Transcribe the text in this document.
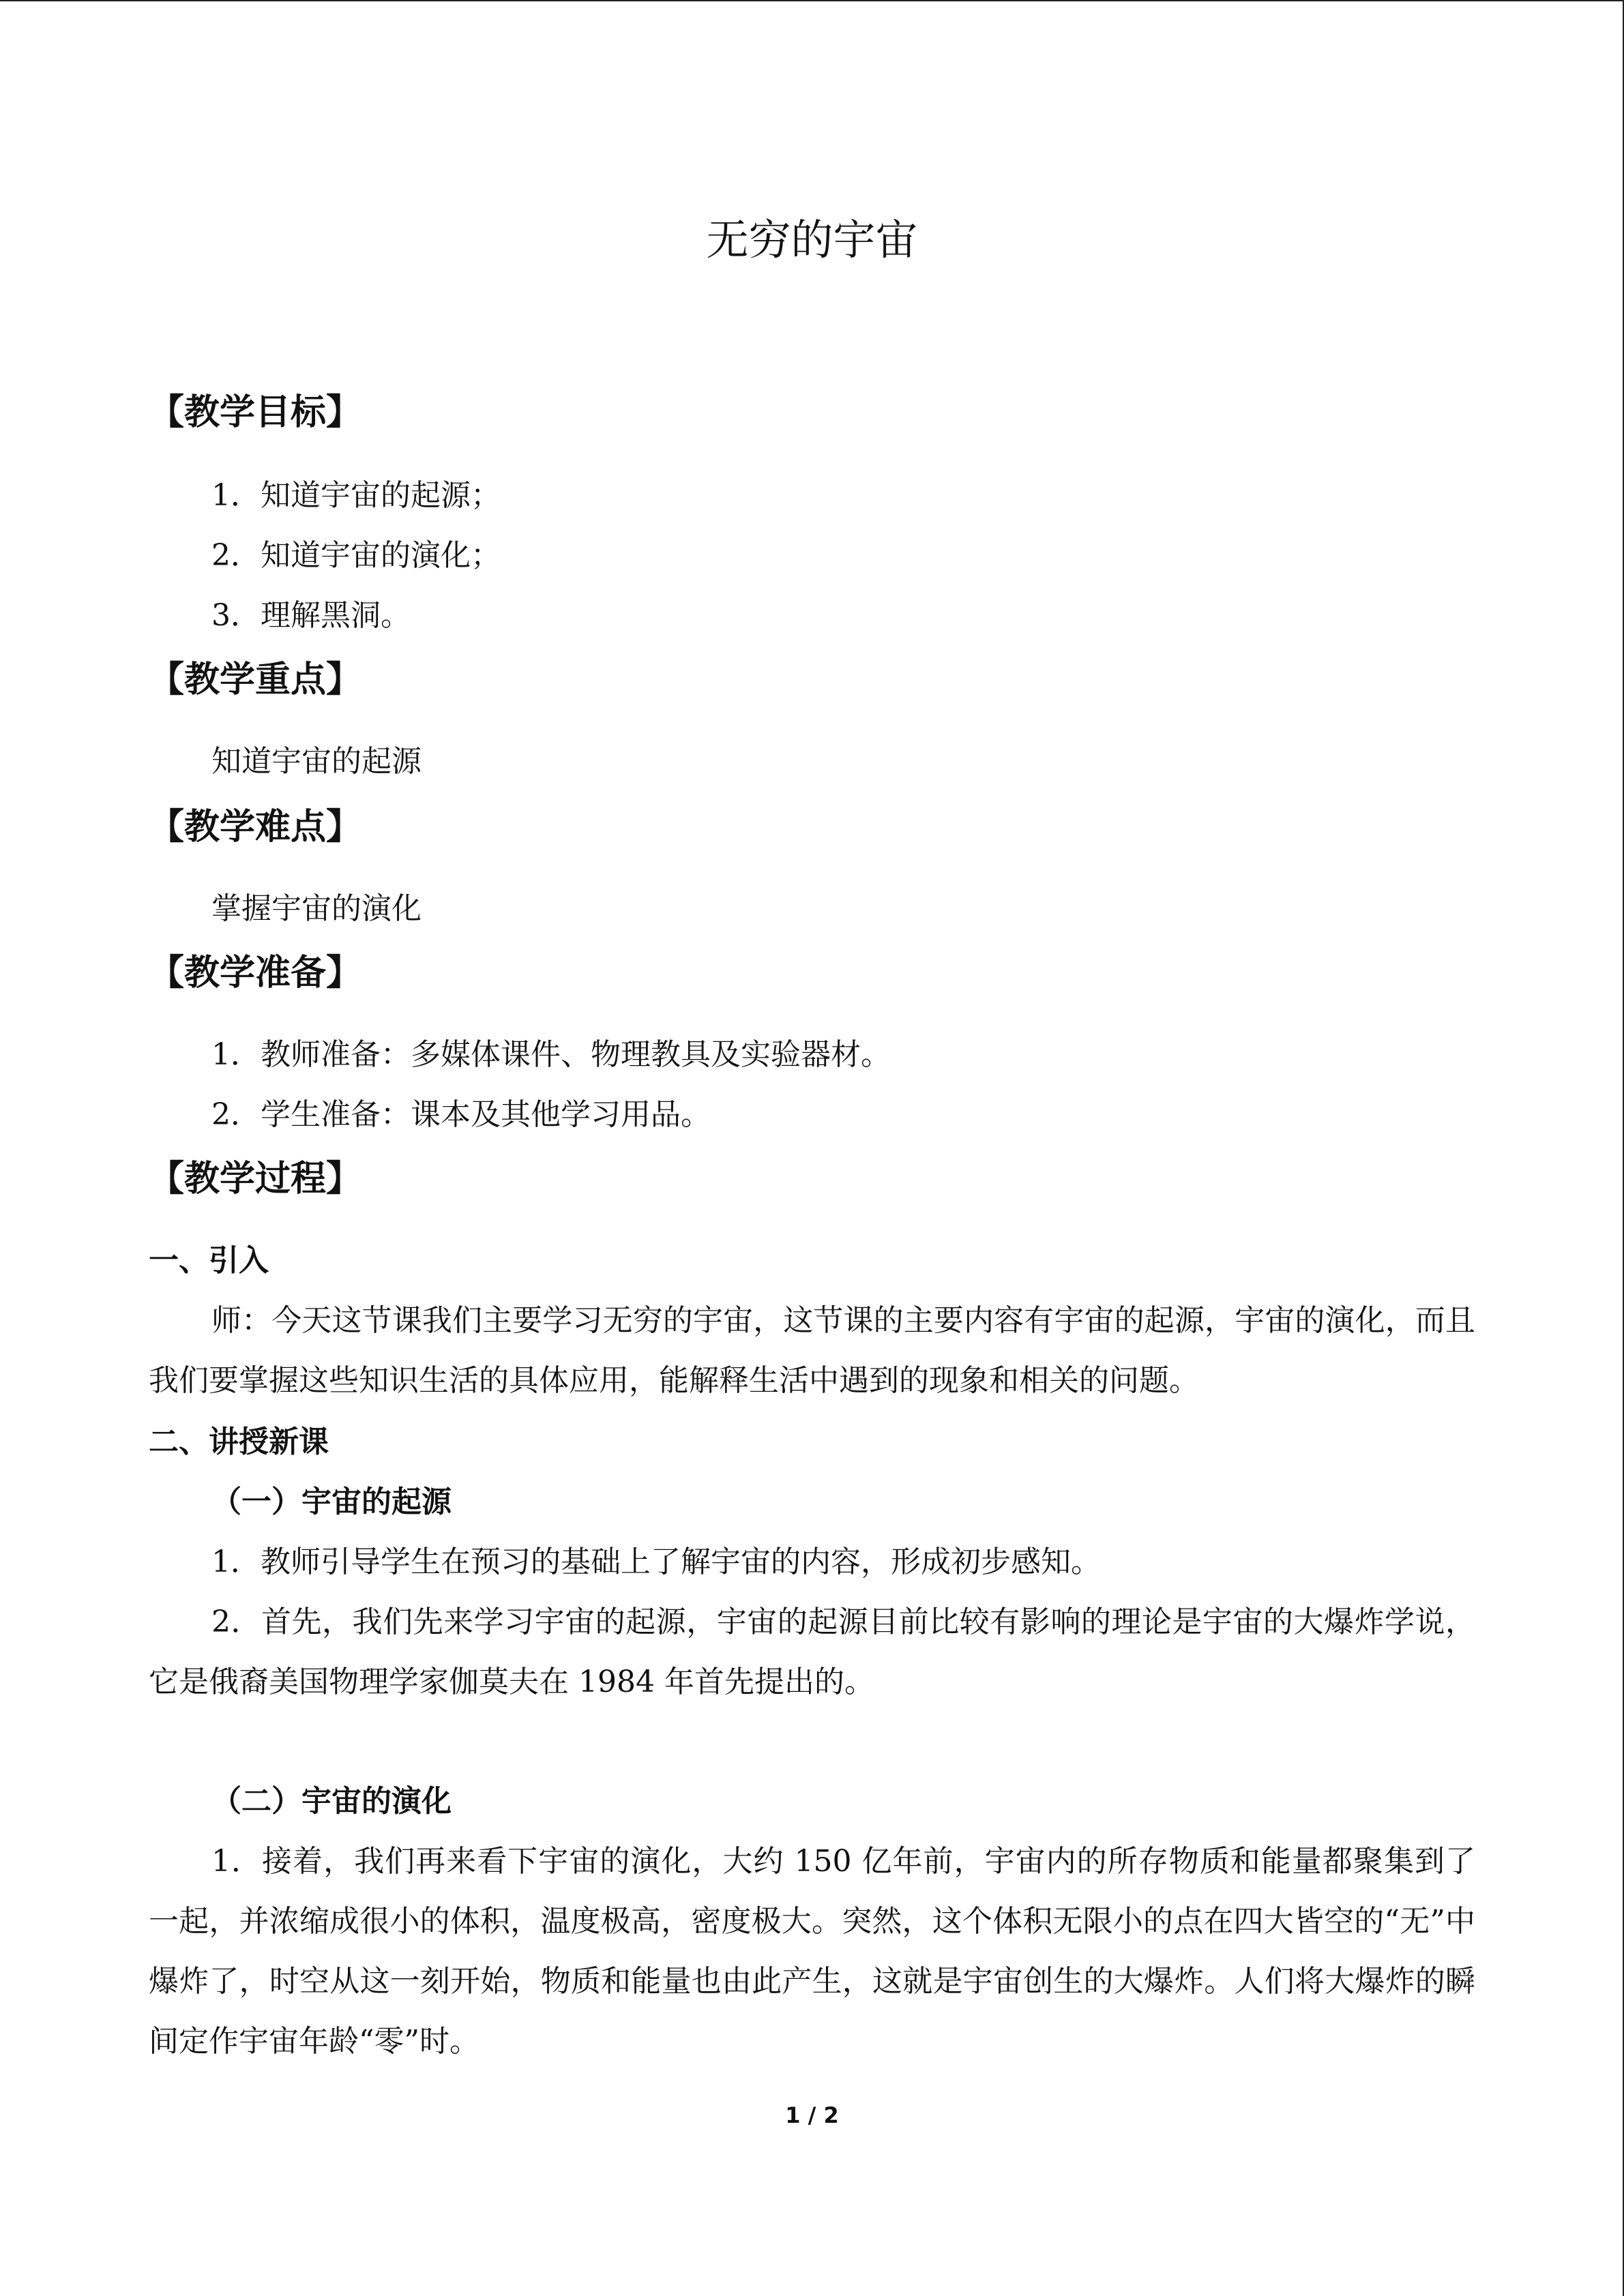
无穷的宇宙
【教学目标】
1．知道宇宙的起源；
2．知道宇宙的演化；
3．理解黑洞。
【教学重点】
知道宇宙的起源
【教学难点】
掌握宇宙的演化
【教学准备】
1．教师准备：多媒体课件、物理教具及实验器材。
2．学生准备：课本及其他学习用品。
【教学过程】
一、引入
师：今天这节课我们主要学习无穷的宇宙，这节课的主要内容有宇宙的起源，宇宙的演化，而且我们要掌握这些知识生活的具体应用，能解释生活中遇到的现象和相关的问题。
二、讲授新课
（一）宇宙的起源
1．教师引导学生在预习的基础上了解宇宙的内容，形成初步感知。
2．首先，我们先来学习宇宙的起源，宇宙的起源目前比较有影响的理论是宇宙的大爆炸学说，它是俄裔美国物理学家伽莫夫在 1984 年首先提出的。
（二）宇宙的演化
1．接着，我们再来看下宇宙的演化，大约 150 亿年前，宇宙内的所存物质和能量都聚集到了一起，并浓缩成很小的体积，温度极高，密度极大。突然，这个体积无限小的点在四大皆空的“无”中爆炸了，时空从这一刻开始，物质和能量也由此产生，这就是宇宙创生的大爆炸。人们将大爆炸的瞬间定作宇宙年龄“零”时。
1 / 2
